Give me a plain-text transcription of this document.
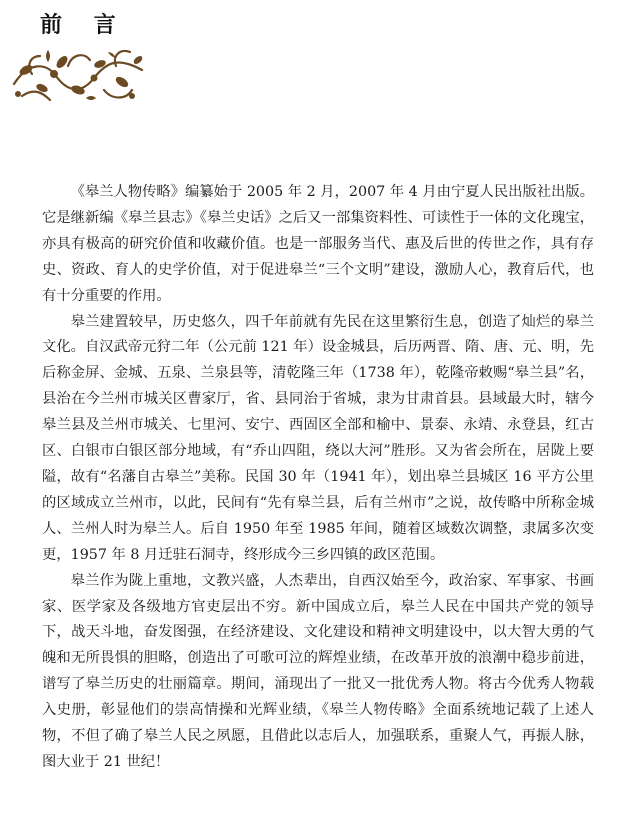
前 言

《皋兰人物传略》编纂始于 2005 年 2 月，2007 年 4 月由宁夏人民出版社出版。它是继新编《皋兰县志》《皋兰史话》之后又一部集资料性、可读性于一体的文化瑰宝，亦具有极高的研究价值和收藏价值。也是一部服务当代、惠及后世的传世之作，具有存史、资政、育人的史学价值，对于促进皋兰“三个文明”建设，激励人心，教育后代，也有十分重要的作用。

皋兰建置较早，历史悠久，四千年前就有先民在这里繁衍生息，创造了灿烂的皋兰文化。自汉武帝元狩二年（公元前 121 年）设金城县，后历两晋、隋、唐、元、明，先后称金屏、金城、五泉、兰泉县等，清乾隆三年（1738 年），乾隆帝敕赐“皋兰县”名，县治在今兰州市城关区曹家厅，省、县同治于省城，隶为甘肃首县。县域最大时，辖今皋兰县及兰州市城关、七里河、安宁、西固区全部和榆中、景泰、永靖、永登县，红古区、白银市白银区部分地域，有“乔山四阻，绕以大河”胜形。又为省会所在，居陇上要隘，故有“名藩自古皋兰”美称。民国 30 年（1941 年），划出皋兰县城区 16 平方公里的区域成立兰州市，以此，民间有“先有皋兰县，后有兰州市”之说，故传略中所称金城人、兰州人时为皋兰人。后自 1950 年至 1985 年间，随着区域数次调整，隶属多次变更，1957 年 8 月迁驻石洞寺，终形成今三乡四镇的政区范围。

皋兰作为陇上重地，文教兴盛，人杰辈出，自西汉始至今，政治家、军事家、书画家、医学家及各级地方官吏层出不穷。新中国成立后，皋兰人民在中国共产党的领导下，战天斗地，奋发图强，在经济建设、文化建设和精神文明建设中，以大智大勇的气魄和无所畏惧的胆略，创造出了可歌可泣的辉煌业绩，在改革开放的浪潮中稳步前进，谱写了皋兰历史的壮丽篇章。期间，涌现出了一批又一批优秀人物。将古今优秀人物载入史册，彰显他们的崇高情操和光辉业绩，《皋兰人物传略》全面系统地记载了上述人物，不但了确了皋兰人民之夙愿，且借此以志后人，加强联系，重聚人气，再振人脉，图大业于 21 世纪！
